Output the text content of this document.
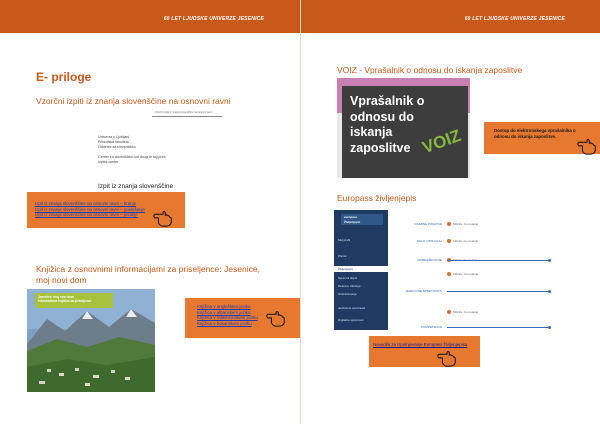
60 LET LJUDSKE UNIVERZE JESENICE
E- priloge
Vzorčni izpiti iz znanja slovenščine na osnovni ravni
Vzorčni izpiti iz znanja slovenščine na osnovni ravni
Univerza v Ljubljani
Filozofska fakulteta
Oddelek za slovenistiko
Center za slovenščino kot drugi in tuji jezik
Izpitni center
Izpit iz znanja slovenščine
Izpit iz znanja slovenščine na osnovni ravni – branje
Izpit iz znanja slovenščine na osnovni ravni – poslušanje
Izpit iz znanja slovenščine na osnovni ravni – pisanje
Knjižica z osnovnimi informacijami za priseljence: Jesenice, moj novi dom
Jesenice, moj novi dom
Informativna knjižica za priseljence
Knjižica v angleškem jeziku
Knjižica v albanskem jeziku
Knjižica v makedonskem jeziku
Knjižica v bosanskem jeziku
60 LET LJUDSKE UNIVERZE JESENICE
VOIZ - Vprašalnik o odnosu do iskanja zaposlitve
Vprašalnik o
odnosu do
iskanja
zaposlitve VOIZ	Dostop do elektronskega vprašalnika o odnosu do iskanja zaposlitve.
Europass življenjepis
europass
Življenjepis
Moj profil
Pisma
Življenjepis
Spremni dopis
Delovne izkušnje
Izobraževanje
Jezikovne spretnosti
Digitalne spretnosti
OSEBNE PODATKE
DELO / PRILAGAJ
IZOBRAŽEVANJE
JEZIKOVNE SPRETNOSTI
KOMPETENCE
Kliknite za urejanje
Kliknite za urejanje
Kliknite za urejanje
Kliknite za urejanje
Navodila za izpolnjevanje Europass življenjepisa
